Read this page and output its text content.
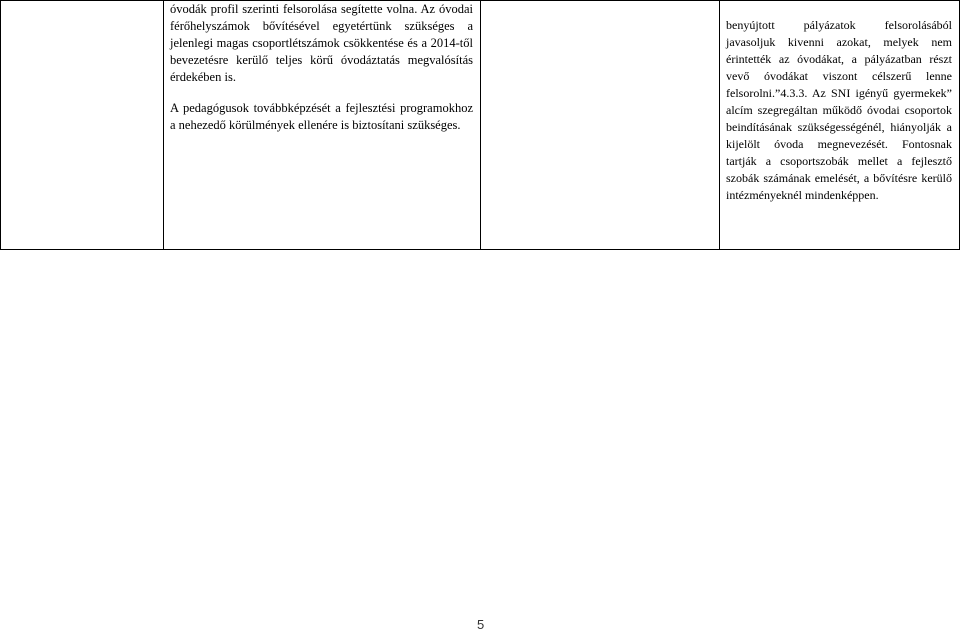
óvodák profil szerinti felsorolása segítette volna. Az óvodai férőhelyszámok bővítésével egyetértünk szükséges a jelenlegi magas csoportlétszámok csökkentése és a 2014-től bevezetésre kerülő teljes körű óvodáztatás megvalósítás érdekében is.

A pedagógusok továbbképzését a fejlesztési programokhoz a nehezedő körülmények ellenére is biztosítani szükséges.

benyújtott pályázatok felsorolásából javasoljuk kivenni azokat, melyek nem érintették az óvodákat, a pályázatban részt vevő óvodákat viszont célszerű lenne felsorolni.”4.3.3. Az SNI igényű gyermekek” alcím szegregáltan működő óvodai csoportok beindításának szükségességénél, hiányolják a kijelölt óvoda megnevezését. Fontosnak tartják a csoportszobák mellet a fejlesztő szobák számának emelését, a bővítésre kerülő intézményeknél mindenképpen.

5
